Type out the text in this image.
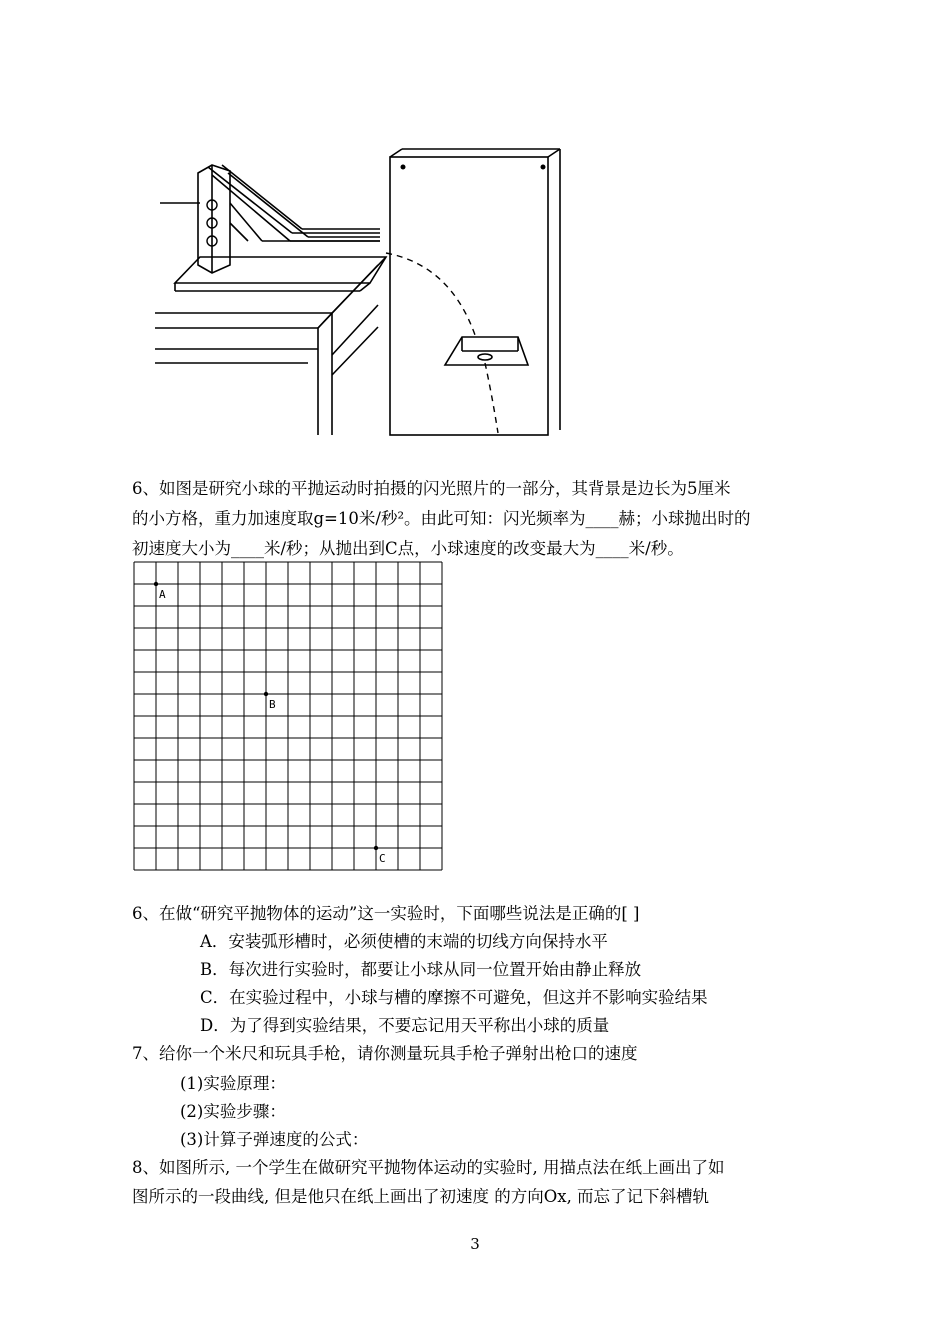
6、如图是研究小球的平抛运动时拍摄的闪光照片的一部分，其背景是边长为5厘米
的小方格，重力加速度取g=10米/秒²。由此可知：闪光频率为____赫；小球抛出时的
初速度大小为____米/秒；从抛出到C点，小球速度的改变最大为____米/秒。
A
B
C
6、在做“研究平抛物体的运动”这一实验时，下面哪些说法是正确的[ ]
A．安装弧形槽时，必须使槽的末端的切线方向保持水平
B．每次进行实验时，都要让小球从同一位置开始由静止释放
C．在实验过程中，小球与槽的摩擦不可避免，但这并不影响实验结果
D．为了得到实验结果，不要忘记用天平称出小球的质量
7、给你一个米尺和玩具手枪，请你测量玩具手枪子弹射出枪口的速度
(1)实验原理：
(2)实验步骤：
(3)计算子弹速度的公式：
8、如图所示, 一个学生在做研究平抛物体运动的实验时, 用描点法在纸上画出了如
图所示的一段曲线, 但是他只在纸上画出了初速度 的方向Ox, 而忘了记下斜槽轨
3
